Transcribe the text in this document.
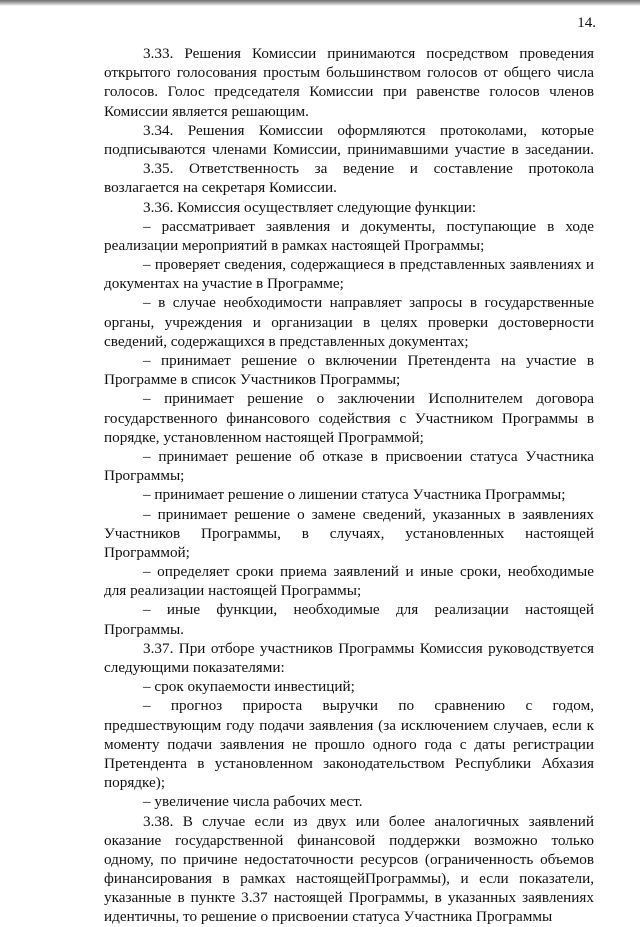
14.
3.33. Решения Комиссии принимаются посредством проведения
открытого голосования простым большинством голосов от общего числа
голосов. Голос председателя Комиссии при равенстве голосов членов
Комиссии является решающим.
3.34. Решения Комиссии оформляются протоколами, которые
подписываются членами Комиссии, принимавшими участие в заседании.
3.35. Ответственность за ведение и составление протокола
возлагается на секретаря Комиссии.
3.36. Комиссия осуществляет следующие функции:
– рассматривает заявления и документы, поступающие в ходе
реализации мероприятий в рамках настоящей Программы;
– проверяет сведения, содержащиеся в представленных заявлениях и
документах на участие в Программе;
– в случае необходимости направляет запросы в государственные
органы, учреждения и организации в целях проверки достоверности
сведений, содержащихся в представленных документах;
– принимает решение о включении Претендента на участие в
Программе в список Участников Программы;
– принимает решение о заключении Исполнителем договора
государственного финансового содействия с Участником Программы в
порядке, установленном настоящей Программой;
– принимает решение об отказе в присвоении статуса Участника
Программы;
– принимает решение о лишении статуса Участника Программы;
– принимает решение о замене сведений, указанных в заявлениях
Участников Программы, в случаях, установленных настоящей
Программой;
– определяет сроки приема заявлений и иные сроки, необходимые
для реализации настоящей Программы;
– иные функции, необходимые для реализации настоящей
Программы.
3.37. При отборе участников Программы Комиссия руководствуется
следующими показателями:
– срок окупаемости инвестиций;
– прогноз прироста выручки по сравнению с годом,
предшествующим году подачи заявления (за исключением случаев, если к
моменту подачи заявления не прошло одного года с даты регистрации
Претендента в установленном законодательством Республики Абхазия
порядке);
– увеличение числа рабочих мест.
3.38. В случае если из двух или более аналогичных заявлений
оказание государственной финансовой поддержки возможно только
одному, по причине недостаточности ресурсов (ограниченность объемов
финансирования в рамках настоящейПрограммы), и если показатели,
указанные в пункте 3.37 настоящей Программы, в указанных заявлениях
идентичны, то решение о присвоении статуса Участника Программы
